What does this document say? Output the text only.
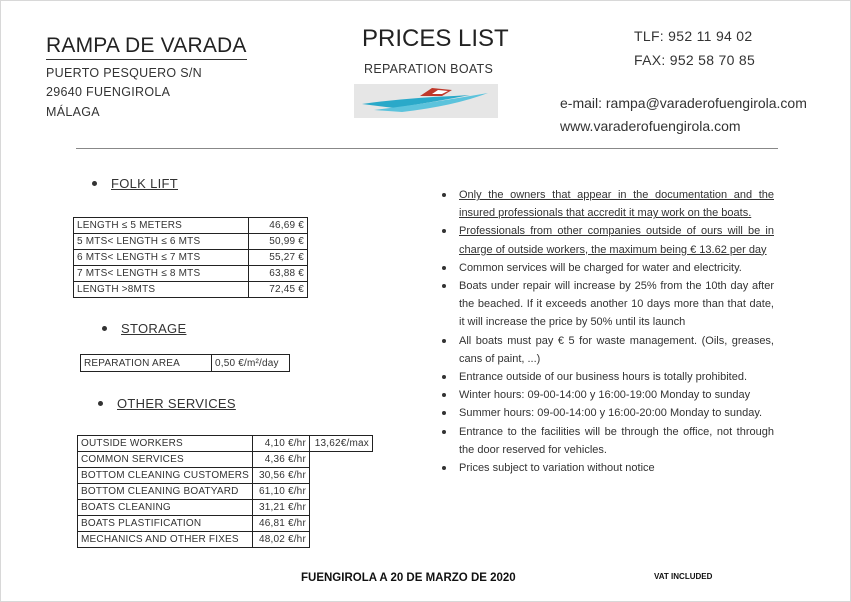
RAMPA DE VARADA
PUERTO PESQUERO S/N
29640 FUENGIROLA
MÁLAGA
PRICES LIST
REPARATION BOATS
TLF: 952 11 94 02
FAX: 952 58 70 85
e-mail: rampa@varaderofuengirola.com
www.varaderofuengirola.com
FOLK LIFT
LENGTH ≤ 5 METERS	46,69 €
5 MTS< LENGTH ≤ 6 MTS	50,99 €
6 MTS< LENGTH ≤ 7 MTS	55,27 €
7 MTS< LENGTH ≤ 8 MTS	63,88 €
LENGTH >8MTS	72,45 €
STORAGE
REPARATION AREA	0,50 €/m²/day
OTHER SERVICES
OUTSIDE WORKERS	4,10 €/hr	13,62€/max
COMMON SERVICES	4,36 €/hr	
BOTTOM CLEANING CUSTOMERS	30,56 €/hr	
BOTTOM CLEANING BOATYARD	61,10 €/hr	
BOATS CLEANING	31,21 €/hr	
BOATS PLASTIFICATION	46,81 €/hr	
MECHANICS AND OTHER FIXES	48,02 €/hr	
Only the owners that appear in the documentation and the insured professionals that accredit it may work on the boats.
Professionals from other companies outside of ours will be in charge of outside workers, the maximum being € 13.62 per day
Common services will be charged for water and electricity.
Boats under repair will increase by 25% from the 10th day after the beached. If it exceeds another 10 days more than that date, it will increase the price by 50% until its launch
All boats must pay € 5 for waste management. (Oils, greases, cans of paint, ...)
Entrance outside of our business hours is totally prohibited.
Winter hours: 09-00-14:00 y 16:00-19:00 Monday to sunday
Summer hours: 09-00-14:00 y 16:00-20:00 Monday to sunday.
Entrance to the facilities will be through the office, not through the door reserved for vehicles.
Prices subject to variation without notice
FUENGIROLA A 20 DE MARZO DE 2020	VAT INCLUDED
